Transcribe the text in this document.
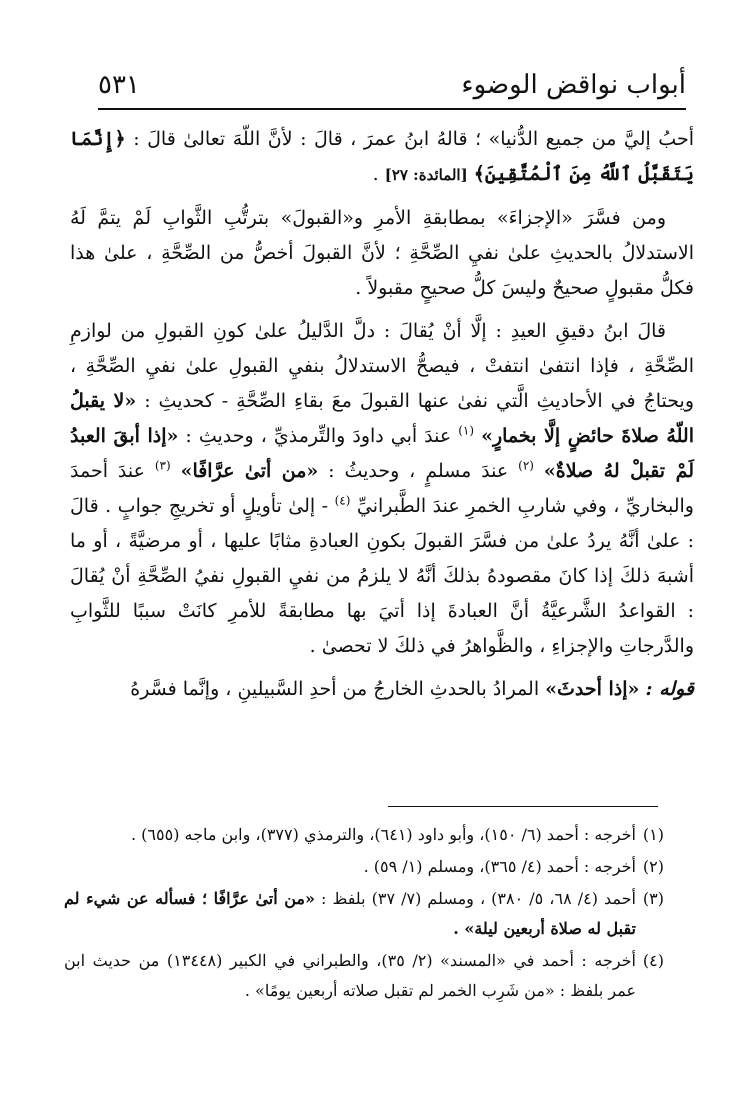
أبواب نواقض الوضوء
٥٣١

أحبُ إليَّ من جميع الدُّنيا» ؛ قالهُ ابنُ عمرَ ، قالَ : لأنَّ اللّهَ تعالىٰ قالَ : ﴿إِنَّمَا يَتَقَبَّلُ ٱللَّهُ مِنَ ٱلْمُتَّقِينَ﴾ [المائدة: ٢٧] .

ومن فسَّرَ «الإجزاءَ» بمطابقةِ الأمرِ و«القبولَ» بترتُّبِ الثَّوابِ لَمْ يتمَّ لَهُ الاستدلالُ بالحديثِ علىٰ نفيِ الصِّحَّةِ ؛ لأنَّ القبولَ أخصُّ من الصِّحَّةِ ، علىٰ هذا فكلُّ مقبولٍ صحيحٌ وليسَ كلُّ صحيحٍ مقبولاً .

قالَ ابنُ دقيقِ العيدِ : إلَّا أنْ يُقالَ : دلَّ الدَّليلُ علىٰ كونِ القبولِ من لوازمِ الصِّحَّةِ ، فإذا انتفىٰ انتفتْ ، فيصحُّ الاستدلالُ بنفيِ القبولِ علىٰ نفيِ الصِّحَّةِ ، ويحتاجُ في الأحاديثِ الَّتي نفىٰ عنها القبولَ معَ بقاءِ الصِّحَّةِ - كحديثِ : «لا يقبلُ اللّهُ صلاةَ حائضٍ إلَّا بخمارٍ» $^{(١)}$ عندَ أبي داودَ والتِّرمذيِّ ، وحديثِ : «إذا أبقَ العبدُ لَمْ تقبلْ لهُ صلاةٌ» $^{(٢)}$ عندَ مسلمٍ ، وحديثُ : «من أتىٰ عرَّافًا» $^{(٣)}$ عندَ أحمدَ والبخاريِّ ، وفي شاربِ الخمرِ عندَ الطَّبرانيِّ $^{(٤)}$ - إلىٰ تأويلٍ أو تخريجِ جوابٍ . قالَ : علىٰ أنَّهُ يردُ علىٰ من فسَّرَ القبولَ بكونِ العبادةِ مثابًا عليها ، أو مرضيَّةً ، أو ما أشبهَ ذلكَ إذا كانَ مقصودهُ بذلكَ أنَّهُ لا يلزمُ من نفيِ القبولِ نفيُ الصِّحَّةِ أنْ يُقالَ : القواعدُ الشَّرعيَّةُ أنَّ العبادةَ إذا أتيَ بها مطابقةً للأمرِ كانَتْ سببًا للثَّوابِ والدَّرجاتِ والإجزاءِ ، والظَّواهرُ في ذلكَ لا تحصىٰ .

قوله : «إذا أحدثَ» المرادُ بالحدثِ الخارجُ من أحدِ السَّبيلينِ ، وإنَّما فسَّرهُ

(١)أخرجه : أحمد (٦/ ١٥٠)، وأبو داود (٦٤١)، والترمذي (٣٧٧)، وابن ماجه (٦٥٥) .
(٢)أخرجه : أحمد (٤/ ٣٦٥)، ومسلم (١/ ٥٩) .
(٣)أحمد (٤/ ٦٨، ٥/ ٣٨٠) ، ومسلم (٧/ ٣٧) بلفظ : «من أتىٰ عرَّافًا ؛ فسأله عن شيء لم تقبل له صلاة أربعين ليلة» .
(٤)أخرجه : أحمد في «المسند» (٢/ ٣٥)، والطبراني في الكبير (١٣٤٤٨) من حديث ابن عمر بلفظ : «من شَرِب الخمر لم تقبل صلاته أربعين يومًا» .
